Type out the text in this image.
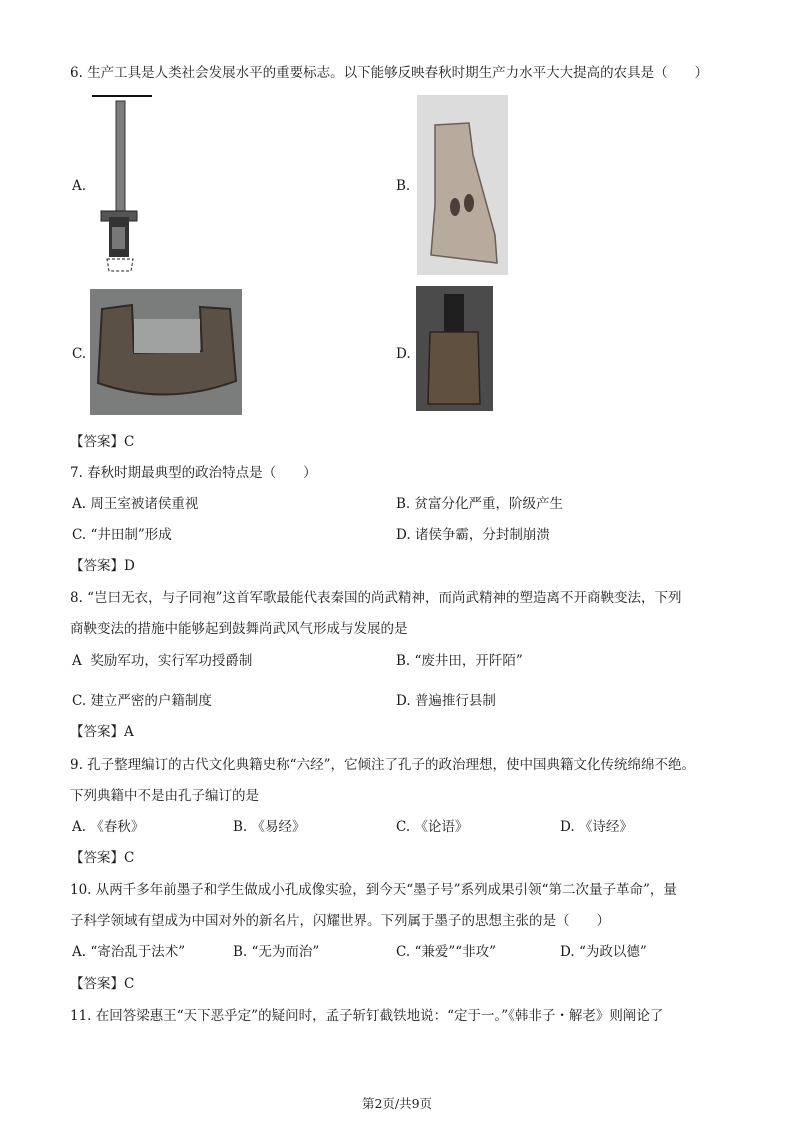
6. 生产工具是人类社会发展水平的重要标志。以下能够反映春秋时期生产力水平大大提高的农具是（　　）
A.	B.
C.	D.
【答案】C
7. 春秋时期最典型的政治特点是（　　）
A. 周王室被诸侯重视	B. 贫富分化严重，阶级产生
C. “井田制”形成	D. 诸侯争霸，分封制崩溃
【答案】D
8. “岂曰无衣，与子同袍”这首军歌最能代表秦国的尚武精神，而尚武精神的塑造离不开商鞅变法，下列
商鞅变法的措施中能够起到鼓舞尚武风气形成与发展的是
A 奖励军功，实行军功授爵制	B. “废井田，开阡陌”
C. 建立严密的户籍制度	D. 普遍推行县制
【答案】A
9. 孔子整理编订的古代文化典籍史称“六经”，它倾注了孔子的政治理想，使中国典籍文化传统绵绵不绝。
下列典籍中不是由孔子编订的是
A. 《春秋》	B. 《易经》	C. 《论语》	D. 《诗经》
【答案】C
10. 从两千多年前墨子和学生做成小孔成像实验，到今天“墨子号”系列成果引领“第二次量子革命”，量
子科学领域有望成为中国对外的新名片，闪耀世界。下列属于墨子的思想主张的是（　　）
A. “寄治乱于法术”	B. “无为而治”	C. “兼爱”“非攻”	D. “为政以德”
【答案】C
11. 在回答梁惠王“天下恶乎定”的疑问时，孟子斩钉截铁地说：“定于一。”《韩非子・解老》则阐论了
第2页/共9页
